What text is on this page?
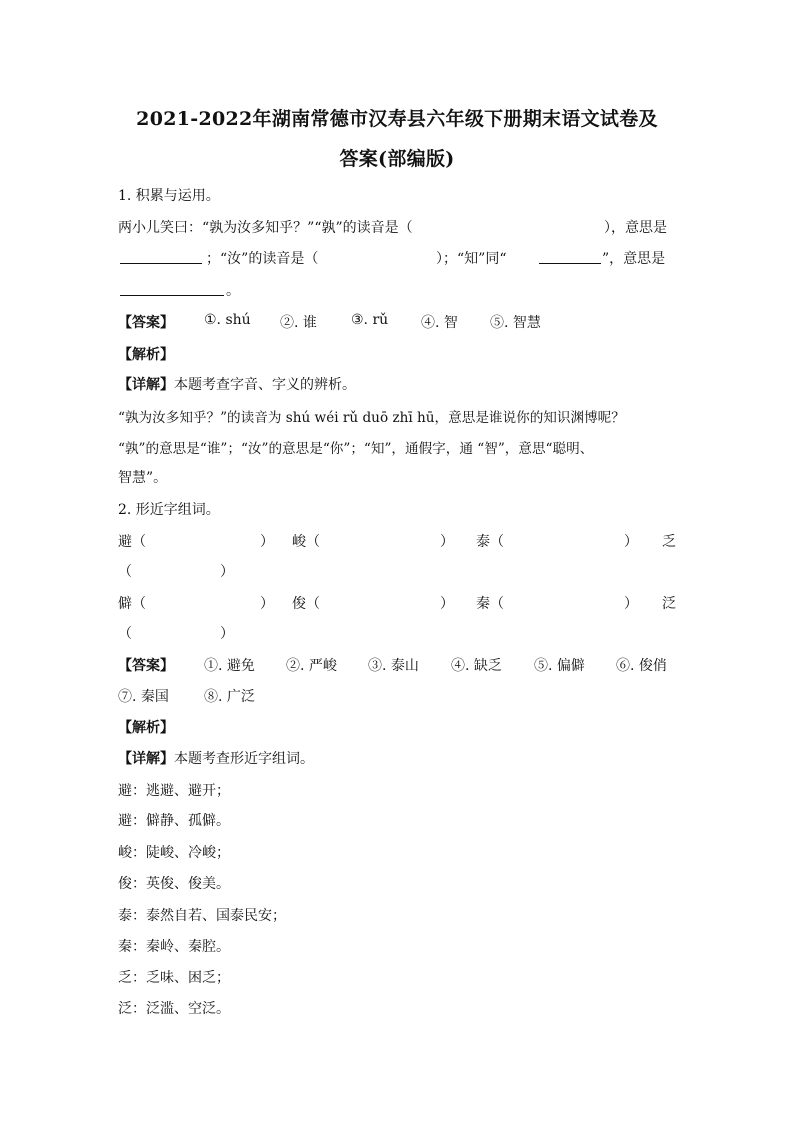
2021-2022年湖南常德市汉寿县六年级下册期末语文试卷及
答案(部编版)
1. 积累与运用。
两小儿笑曰：“孰为汝多知乎？”“孰”的读音是（	），意思是
；“汝”的读音是（	）；“知”同“	”，意思是
。
【答案】 ①. shú ②. 谁 ③. rǔ ④. 智 ⑤. 智慧
【解析】
【详解】本题考查字音、字义的辨析。
“孰为汝多知乎？”的读音为 shú wéi rǔ duō zhī hū，意思是谁说你的知识渊博呢？
“孰”的意思是“谁”；“汝”的意思是“你”；“知”，通假字，通 “智”，意思“聪明、
智慧”。
2. 形近字组词。
避（	） 峻（	） 泰（	） 乏
（	）
僻（	） 俊（	） 秦（	） 泛
（	）
【答案】 ①. 避免 ②. 严峻 ③. 泰山 ④. 缺乏 ⑤. 偏僻 ⑥. 俊俏
⑦. 秦国	⑧. 广泛
【解析】
【详解】本题考查形近字组词。
避：逃避、避开；
避：僻静、孤僻。
峻：陡峻、冷峻；
俊：英俊、俊美。
泰：泰然自若、国泰民安；
秦：秦岭、秦腔。
乏：乏味、困乏；
泛：泛滥、空泛。
